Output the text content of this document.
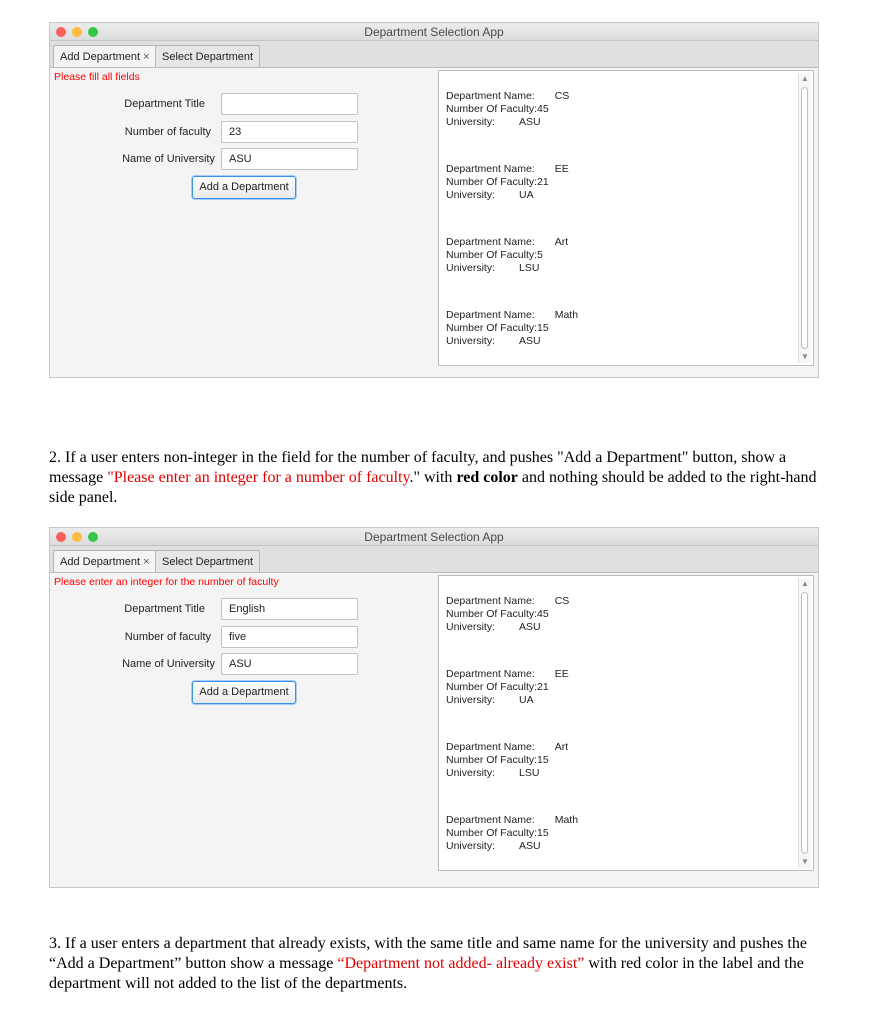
Department Selection App
Add Department ×	Select Department
Please fill all fields
Department Title
Number of faculty	23
Name of University	ASU
Add a Department
Department Name: CS
Number Of Faculty:45
University: ASU
Department Name: EE
Number Of Faculty:21
University: UA
Department Name: Art
Number Of Faculty:5
University: LSU
Department Name: Math
Number Of Faculty:15
University: ASU
▲
▼
2. If a user enters non-integer in the field for the number of faculty, and pushes "Add a Department" button, show a message "Please enter an integer for a number of faculty." with red color and nothing should be added to the right-hand side panel.
Department Selection App
Add Department ×	Select Department
Please enter an integer for the number of faculty
Department Title	English
Number of faculty	five
Name of University	ASU
Add a Department
Department Name: CS
Number Of Faculty:45
University: ASU
Department Name: EE
Number Of Faculty:21
University: UA
Department Name: Art
Number Of Faculty:15
University: LSU
Department Name: Math
Number Of Faculty:15
University: ASU
▲
▼
3. If a user enters a department that already exists, with the same title and same name for the university and pushes the “Add a Department” button show a message “Department not added- already exist” with red color in the label and the department will not added to the list of the departments.
